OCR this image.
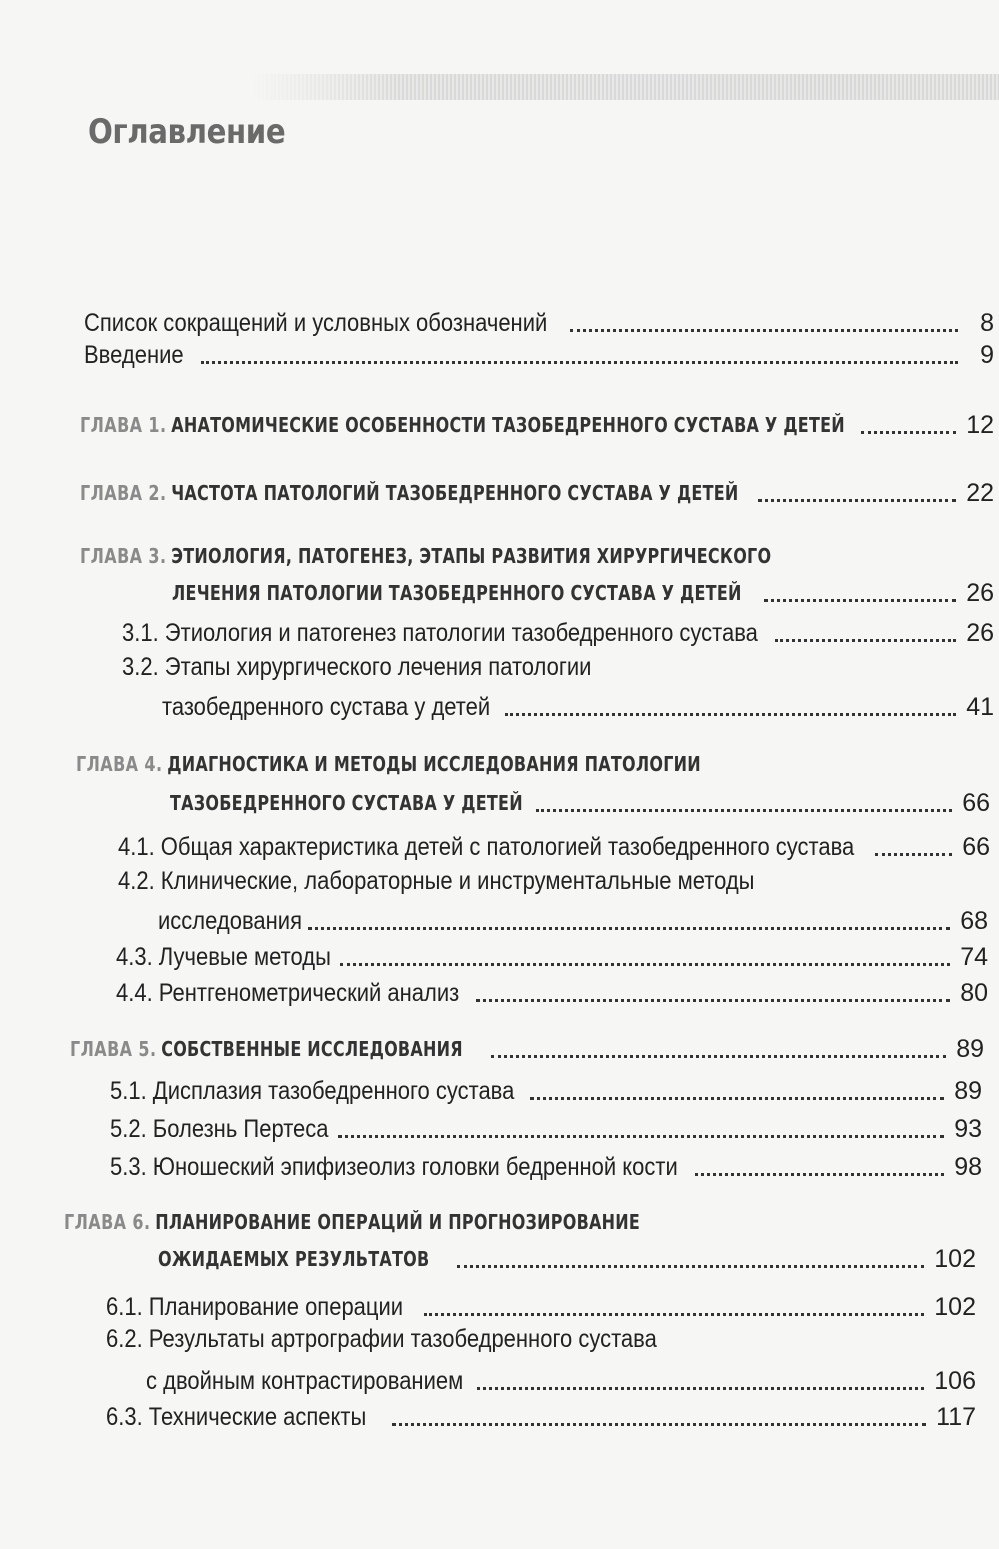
Оглавление
Список сокращений и условных обозначений	8
Введение	9
ГЛАВА 1. АНАТОМИЧЕСКИЕ ОСОБЕННОСТИ ТАЗОБЕДРЕННОГО СУСТАВА У ДЕТЕЙ	12
ГЛАВА 2. ЧАСТОТА ПАТОЛОГИЙ ТАЗОБЕДРЕННОГО СУСТАВА У ДЕТЕЙ	22
ГЛАВА 3. ЭТИОЛОГИЯ, ПАТОГЕНЕЗ, ЭТАПЫ РАЗВИТИЯ ХИРУРГИЧЕСКОГО
ЛЕЧЕНИЯ ПАТОЛОГИИ ТАЗОБЕДРЕННОГО СУСТАВА У ДЕТЕЙ	26
3.1. Этиология и патогенез патологии тазобедренного сустава	26
3.2. Этапы хирургического лечения патологии
тазобедренного сустава у детей	41
ГЛАВА 4. ДИАГНОСТИКА И МЕТОДЫ ИССЛЕДОВАНИЯ ПАТОЛОГИИ
ТАЗОБЕДРЕННОГО СУСТАВА У ДЕТЕЙ	66
4.1. Общая характеристика детей с патологией тазобедренного сустава	66
4.2. Клинические, лабораторные и инструментальные методы
исследования	68
4.3. Лучевые методы	74
4.4. Рентгенометрический анализ	80
ГЛАВА 5. СОБСТВЕННЫЕ ИССЛЕДОВАНИЯ	89
5.1. Дисплазия тазобедренного сустава	89
5.2. Болезнь Пертеса	93
5.3. Юношеский эпифизеолиз головки бедренной кости	98
ГЛАВА 6. ПЛАНИРОВАНИЕ ОПЕРАЦИЙ И ПРОГНОЗИРОВАНИЕ
ОЖИДАЕМЫХ РЕЗУЛЬТАТОВ	102
6.1. Планирование операции	102
6.2. Результаты артрографии тазобедренного сустава
с двойным контрастированием	106
6.3. Технические аспекты	117
